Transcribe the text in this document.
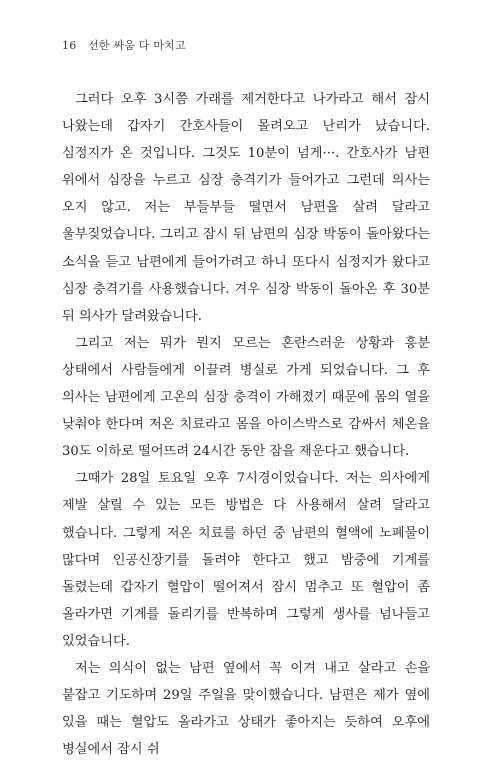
16 선한 싸움 다 마치고

그러다 오후 3시쯤 가래를 제거한다고 나가라고 해서 잠시 나왔는데 갑자기 간호사들이 몰려오고 난리가 났습니다. 심정지가 온 것입니다. 그것도 10분이 넘게···. 간호사가 남편 위에서 심장을 누르고 심장 충격기가 들어가고 그런데 의사는 오지 않고. 저는 부들부들 떨면서 남편을 살려 달라고 울부짖었습니다. 그리고 잠시 뒤 남편의 심장 박동이 돌아왔다는 소식을 듣고 남편에게 들어가려고 하니 또다시 심정지가 왔다고 심장 충격기를 사용했습니다. 겨우 심장 박동이 돌아온 후 30분 뒤 의사가 달려왔습니다.

그리고 저는 뭐가 뭔지 모르는 혼란스러운 상황과 흥분 상태에서 사람들에게 이끌려 병실로 가게 되었습니다. 그 후 의사는 남편에게 고온의 심장 충격이 가해졌기 때문에 몸의 열을 낮춰야 한다며 저온 치료라고 몸을 아이스박스로 감싸서 체온을 30도 이하로 떨어뜨려 24시간 동안 잠을 재운다고 했습니다.

그때가 28일 토요일 오후 7시경이었습니다. 저는 의사에게 제발 살릴 수 있는 모든 방법은 다 사용해서 살려 달라고 했습니다. 그렇게 저온 치료를 하던 중 남편의 혈액에 노폐물이 많다며 인공신장기를 돌려야 한다고 했고 밤중에 기계를 돌렸는데 갑자기 혈압이 떨어져서 잠시 멈추고 또 혈압이 좀 올라가면 기계를 돌리기를 반복하며 그렇게 생사를 넘나들고 있었습니다.

저는 의식이 없는 남편 옆에서 꼭 이겨 내고 살라고 손을 붙잡고 기도하며 29일 주일을 맞이했습니다. 남편은 제가 옆에 있을 때는 혈압도 올라가고 상태가 좋아지는 듯하여 오후에 병실에서 잠시 쉬
